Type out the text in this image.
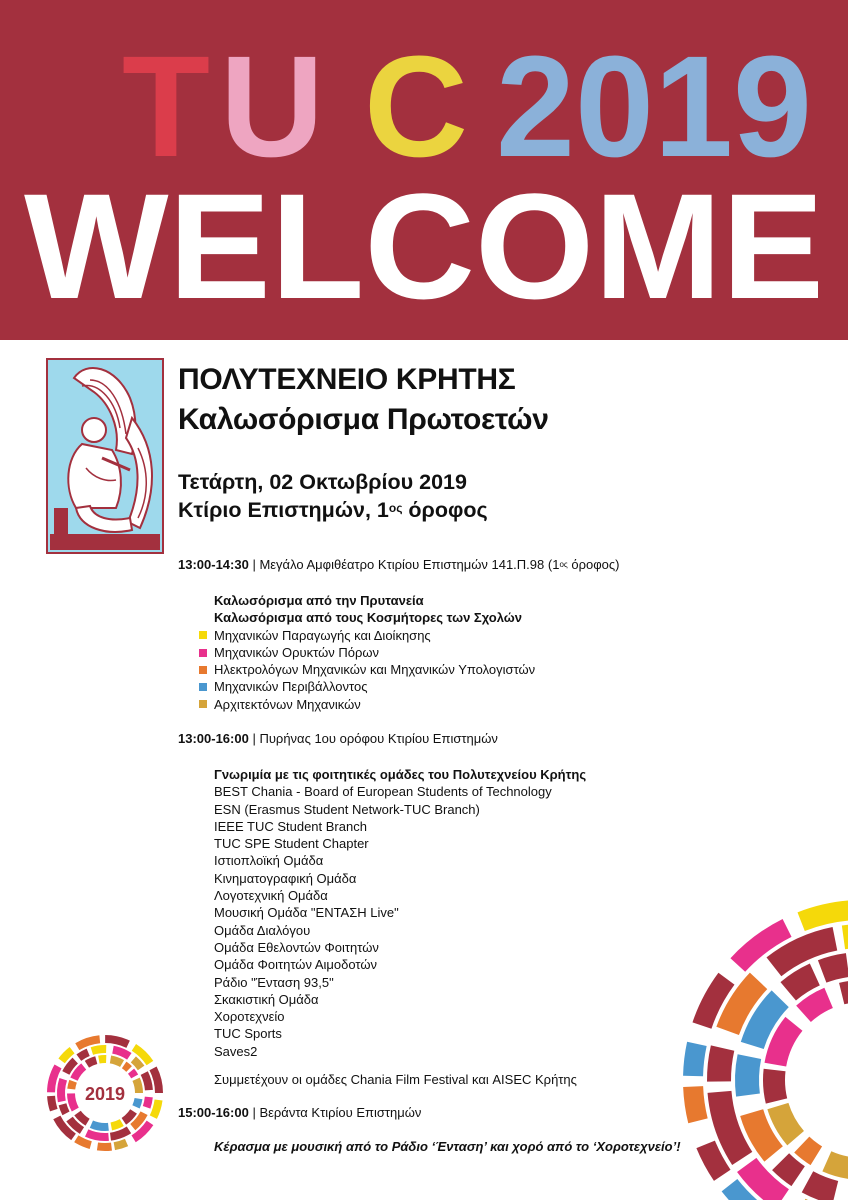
T U C 2019
WELCOME
ΠΟΛΥΤΕΧΝΕΙΟ ΚΡΗΤΗΣ
Καλωσόρισμα Πρωτοετών
Τετάρτη, 02 Οκτωβρίου 2019
Κτίριο Επιστημών, $1^{o\varsigma}$ όροφος
13:00-14:30 | Μεγάλο Αμφιθέατρο Κτιρίου Επιστημών 141.Π.98 ($1^{o\varsigma}$ όροφος)
Καλωσόρισμα από την Πρυτανεία
Καλωσόρισμα από τους Κοσμήτορες των Σχολών
Μηχανικών Παραγωγής και Διοίκησης
Μηχανικών Ορυκτών Πόρων
Ηλεκτρολόγων Μηχανικών και Μηχανικών Υπολογιστών
Μηχανικών Περιβάλλοντος
Αρχιτεκτόνων Μηχανικών
13:00-16:00 | Πυρήνας 1ου ορόφου Κτιρίου Επιστημών
Γνωριμία με τις φοιτητικές ομάδες του Πολυτεχνείου Κρήτης
BEST Chania - Board of European Students of Technology
ESN (Erasmus Student Network-TUC Branch)
IEEE TUC Student Branch
TUC SPE Student Chapter
Ιστιοπλοϊκή Ομάδα
Κινηματογραφική Ομάδα
Λογοτεχνική Ομάδα
Μουσική Ομάδα "ΕΝΤΑΣΗ Live"
Ομάδα Διαλόγου
Ομάδα Εθελοντών Φοιτητών
Ομάδα Φοιτητών Αιμοδοτών
Ράδιο "Ένταση 93,5"
Σκακιστική Ομάδα
Χοροτεχνείο
TUC Sports
Saves2
Συμμετέχουν οι ομάδες Chania Film Festival και AISEC Κρήτης
15:00-16:00 | Βεράντα Κτιρίου Επιστημών
Κέρασμα με μουσική από το Ράδιο ‘Ένταση’ και χορό από το ‘Χοροτεχνείο’!
2019
